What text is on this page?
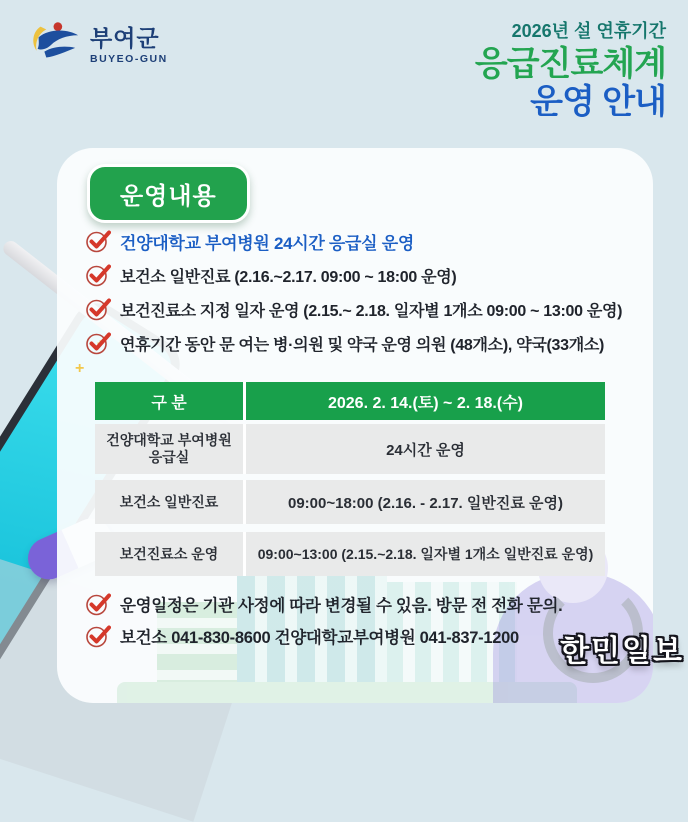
부여군
BUYEO-GUN
2026년 설 연휴기간
응급진료체계
운영 안내
+
+
운영내용
건양대학교 부여병원 24시간 응급실 운영
보건소 일반진료 (2.16.~2.17. 09:00 ~ 18:00 운영)
보건진료소 지정 일자 운영 (2.15.~ 2.18. 일자별 1개소 09:00 ~ 13:00 운영)
연휴기간 동안 문 여는 병·의원 및 약국 운영 의원 (48개소), 약국(33개소)
구 분	2026. 2. 14.(토) ~ 2. 18.(수)
건양대학교 부여병원
응급실	24시간 운영
보건소 일반진료	09:00~18:00 (2.16. - 2.17. 일반진료 운영)
보건진료소 운영	09:00~13:00 (2.15.~2.18. 일자별 1개소 일반진료 운영)
운영일정은 기관 사정에 따라 변경될 수 있음. 방문 전 전화 문의.
보건소 041-830-8600 건양대학교부여병원 041-837-1200 한민일보
